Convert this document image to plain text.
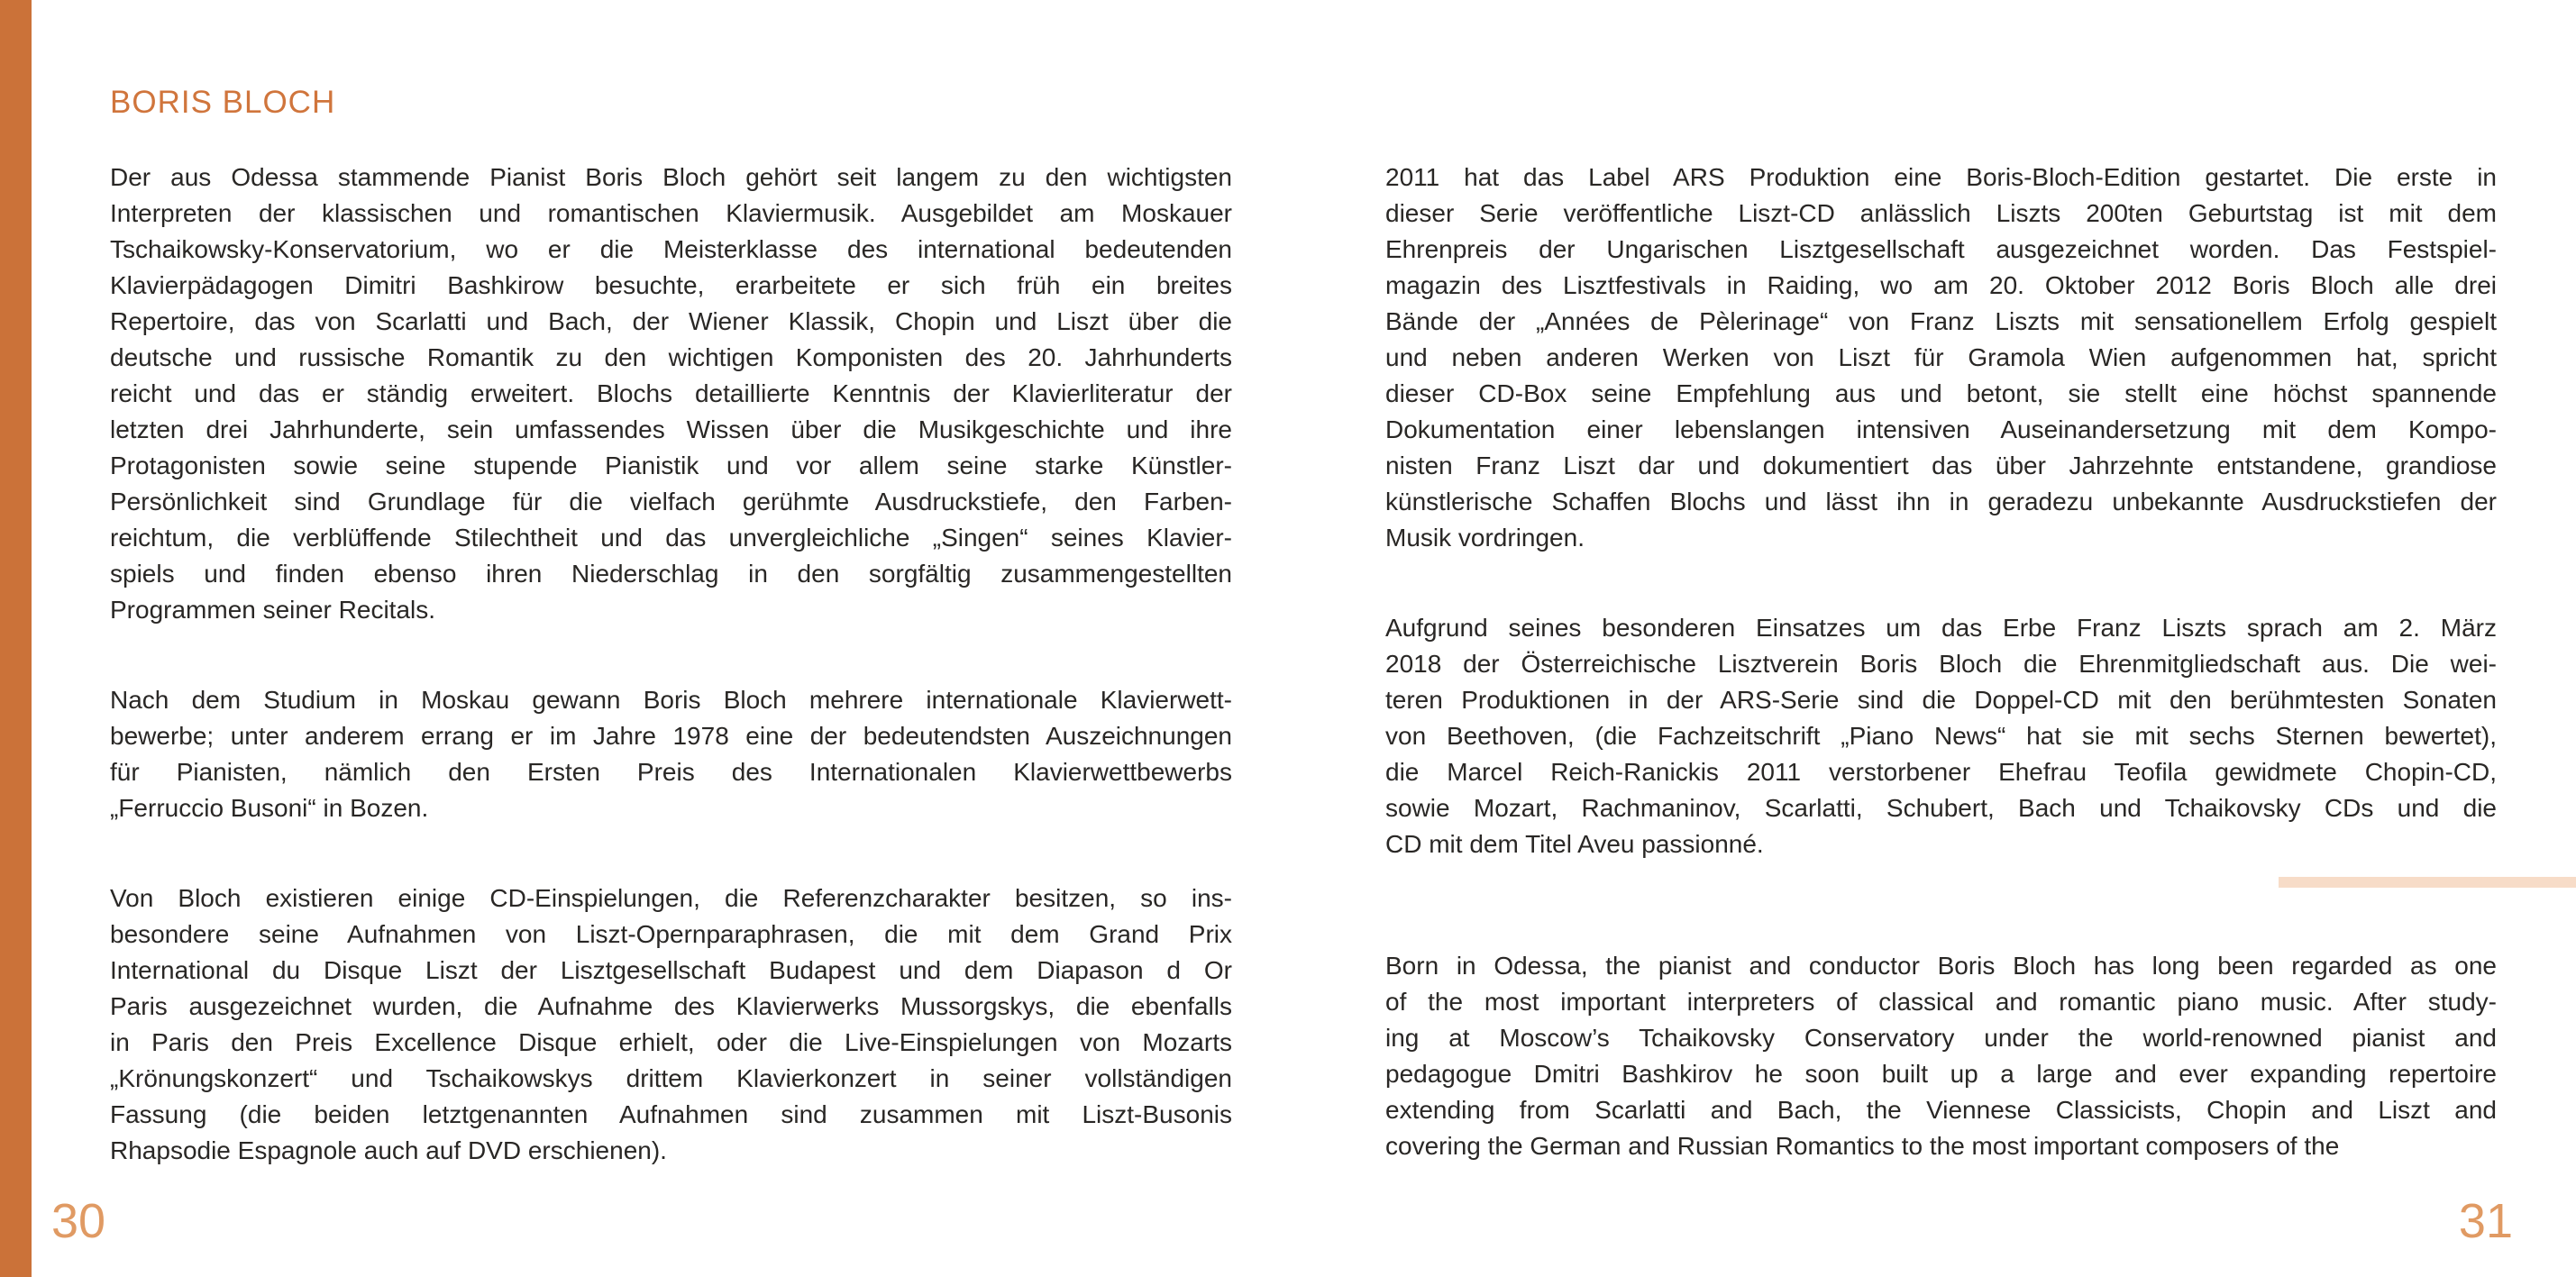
BORIS BLOCH
Der aus Odessa stammende Pianist Boris Bloch gehört seit langem zu den wichtigsten
Interpreten der klassischen und romantischen Klaviermusik. Ausgebildet am Moskauer
Tschaikowsky-Konservatorium, wo er die Meisterklasse des international bedeutenden
Klavierpädagogen Dimitri Bashkirow besuchte, erarbeitete er sich früh ein breites
Repertoire, das von Scarlatti und Bach, der Wiener Klassik, Chopin und Liszt über die
deutsche und russische Romantik zu den wichtigen Komponisten des 20. Jahrhunderts
reicht und das er ständig erweitert. Blochs detaillierte Kenntnis der Klavierliteratur der
letzten drei Jahrhunderte, sein umfassendes Wissen über die Musikgeschichte und ihre
Protagonisten sowie seine stupende Pianistik und vor allem seine starke Künstler-
Persönlichkeit sind Grundlage für die vielfach gerühmte Ausdruckstiefe, den Farben-
reichtum, die verblüffende Stilechtheit und das unvergleichliche „Singen“ seines Klavier-
spiels und finden ebenso ihren Niederschlag in den sorgfältig zusammengestellten
Programmen seiner Recitals.
Nach dem Studium in Moskau gewann Boris Bloch mehrere internationale Klavierwett-
bewerbe; unter anderem errang er im Jahre 1978 eine der bedeutendsten Auszeichnungen
für Pianisten, nämlich den Ersten Preis des Internationalen Klavierwettbewerbs
„Ferruccio Busoni“ in Bozen.
Von Bloch existieren einige CD-Einspielungen, die Referenzcharakter besitzen, so ins-
besondere seine Aufnahmen von Liszt-Opernparaphrasen, die mit dem Grand Prix
International du Disque Liszt der Lisztgesellschaft Budapest und dem Diapason d Or
Paris ausgezeichnet wurden, die Aufnahme des Klavierwerks Mussorgskys, die ebenfalls
in Paris den Preis Excellence Disque erhielt, oder die Live-Einspielungen von Mozarts
„Krönungskonzert“ und Tschaikowskys drittem Klavierkonzert in seiner vollständigen
Fassung (die beiden letztgenannten Aufnahmen sind zusammen mit Liszt-Busonis
Rhapsodie Espagnole auch auf DVD erschienen).
2011 hat das Label ARS Produktion eine Boris-Bloch-Edition gestartet. Die erste in
dieser Serie veröffentliche Liszt-CD anlässlich Liszts 200ten Geburtstag ist mit dem
Ehrenpreis der Ungarischen Lisztgesellschaft ausgezeichnet worden. Das Festspiel-
magazin des Lisztfestivals in Raiding, wo am 20. Oktober 2012 Boris Bloch alle drei
Bände der „Années de Pèlerinage“ von Franz Liszts mit sensationellem Erfolg gespielt
und neben anderen Werken von Liszt für Gramola Wien aufgenommen hat, spricht
dieser CD-Box seine Empfehlung aus und betont, sie stellt eine höchst spannende
Dokumentation einer lebenslangen intensiven Auseinandersetzung mit dem Kompo-
nisten Franz Liszt dar und dokumentiert das über Jahrzehnte entstandene, grandiose
künstlerische Schaffen Blochs und lässt ihn in geradezu unbekannte Ausdruckstiefen der
Musik vordringen.
Aufgrund seines besonderen Einsatzes um das Erbe Franz Liszts sprach am 2. März
2018 der Österreichische Lisztverein Boris Bloch die Ehrenmitgliedschaft aus. Die wei-
teren Produktionen in der ARS-Serie sind die Doppel-CD mit den berühmtesten Sonaten
von Beethoven, (die Fachzeitschrift „Piano News“ hat sie mit sechs Sternen bewertet),
die Marcel Reich-Ranickis 2011 verstorbener Ehefrau Teofila gewidmete Chopin-CD,
sowie Mozart, Rachmaninov, Scarlatti, Schubert, Bach und Tchaikovsky CDs und die
CD mit dem Titel Aveu passionné.
Born in Odessa, the pianist and conductor Boris Bloch has long been regarded as one
of the most important interpreters of classical and romantic piano music. After study-
ing at Moscow’s Tchaikovsky Conservatory under the world-renowned pianist and
pedagogue Dmitri Bashkirov he soon built up a large and ever expanding repertoire
extending from Scarlatti and Bach, the Viennese Classicists, Chopin and Liszt and
covering the German and Russian Romantics to the most important composers of the
30	31
